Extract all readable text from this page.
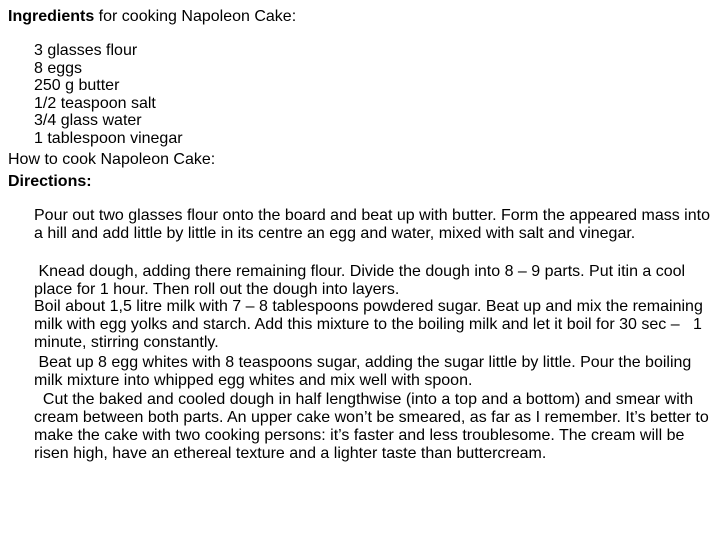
Ingredients for cooking Napoleon Cake:
3 glasses flour
8 eggs
250 g butter
1/2 teaspoon salt
3/4 glass water
1 tablespoon vinegar
How to cook Napoleon Cake:
Directions:

Pour out two glasses flour onto the board and beat up with butter. Form the appeared mass into a hill and add little by little in its centre an egg and water, mixed with salt and vinegar.

Knead dough, adding there remaining flour. Divide the dough into 8 – 9 parts. Put itin a cool place for 1 hour. Then roll out the dough into layers.

Boil about 1,5 litre milk with 7 – 8 tablespoons powdered sugar. Beat up and mix the remaining milk with egg yolks and starch. Add this mixture to the boiling milk and let it boil for 30 sec –   1 minute, stirring constantly.

Beat up 8 egg whites with 8 teaspoons sugar, adding the sugar little by little. Pour the boiling milk mixture into whipped egg whites and mix well with spoon.

Cut the baked and cooled dough in half lengthwise (into a top and a bottom) and smear with cream between both parts. An upper cake won’t be smeared, as far as I remember. It’s better to make the cake with two cooking persons: it’s faster and less troublesome. The cream will be risen high, have an ethereal texture and a lighter taste than buttercream.
